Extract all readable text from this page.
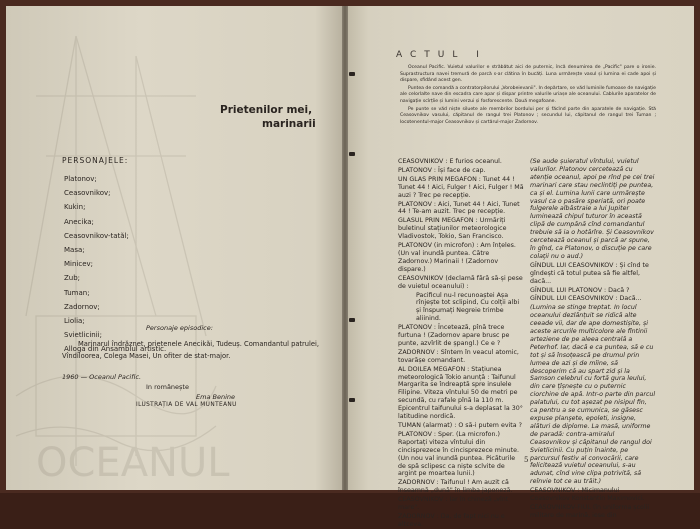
OCEANUL
Prietenilor mei,
marinarii
PERSONAJELE:
Platonov;
Ceasovnikov;
Kukin;
Anecika;
Ceasovnikov-tatăl;
Masa;
Minicev;
Zub;
Tuman;
Zadornov;
Liolia;
Svietlicinii;
Alloga din Ansamblul artistic.
Personaje episodice:
Marinarul îndrăznet, prietenele Anecikăi, Tudeuș. Comandantul patrulei, Vîndiloorea, Colega Masei, Un ofiter de stat-major.
1960 — Oceanul Pacific.
In românește
Ema Benine
ILUSTRAȚIA DE VAL MUNTEANU
ACTUL I

Oceanul Pacific. Vuietul valurilor e străbătut aici de puternic, încă denumirea de „Pacific" pare o ironie. Suprastructura navei tremură de parcă s-ar clătina în bucăți. Luna urmărește vasul și lumina ei cade apoi și dispare, sfidând acest gen.

Puntea de comandă a contratorpilorului „Vorobeievanii". In depărtare, se văd luminile fumoase de navigație ale celorlalte nave din escadra care apar și dispar printre valurile uriașe ale oceanului. Cablurile aparatelor de navigație scîrțîie și lumini verzui și fosforescente. Două megafoane.

Pe punte se văd niște siluete ale membrilor bordului per și făcînd parte din aparatele de navigație. Stă Ceasovnikov vasului, căpitanul de rangul trei Platonov ; secundul lui, căpitanul de rangul trei Tuman ; locotenentul-major Ceasovnikov și cartărul-major Zadornov.

CEASOVNIKOV : E furios oceanul.

PLATONOV : Își face de cap.

UN GLAS PRIN MEGAFON : Tunet 44 ! Tunet 44 ! Aici, Fulger ! Aici, Fulger ! Mă auzi ? Trec pe recepție.

PLATONOV : Aici, Tunet 44 ! Aici, Tunet 44 ! Te-am auzit. Trec pe recepție.

GLASUL PRIN MEGAFON : Urmăriți buletinul stațiunilor meteorologice Vladivostok, Tokio, San Francisco.

PLATONOV (in microfon) : Am înțeles. (Un val inundă puntea. Către Zadornov.) Marinaii ! (Zadornov dispare.)

CEASOVNIKOV (declamă fără să-și pese de vuietul oceanului) :

Pacificul nu-l recunoaștei Așa rînjește tot sclipind, Cu colții albi și înspumați Negreie trimbe aliinind.

PLATONOV : Încetează, pînă trece furtuna ! (Zadornov apare brusc pe punte, azvîrlit de șpangl.) Ce e ?

ZADORNOV : Sîntem în veacul atomic, tovarășe comandant.

AL DOILEA MEGAFON : Stațiunea meteorologică Tokio anunță : Taifunul Margarita se îndreaptă spre insulele Filipine. Viteza vîntului 50 de metri pe secundă, cu rafale pînă la 110 m. Epicentrul taifunului s-a deplasat la 30° latitudine nordică.

TUMAN (alarmat) : O să-i putem evita ?

PLATONOV : Sper. (La microfon.) Raportați viteza vîntului din cincisprezece în cincisprezece minute. (Un nou val inundă puntea. Picăturile de spă sclipesc ca niște sclvite de argint pe moartea lunii.)

ZADORNOV : Taifunul ! Am auzit că înseamnă „dună" în limba japoneză.

CEASOVNIKOV : Iar în chineză „vînt mare".

ZADORNOV : Da, de fapt nici nu e altceva.

(Se aude șuieratul vîntului, vuietul valurilor. Platonov cercetează cu atenție oceanul, apoi pe rînd pe cei trei marinari care stau neclintiți pe puntea, ca și el. Lumina lunii care urmărește vasul ca o pasăre speriată, ori poate fulgerele albăstraie a lui Jupiter luminează chipul tuturor în această clipă de cumpănă cînd comandantul trebuie să ia o hotărîre. Și Ceasovnikov cercetează oceanul și parcă ar spune, în gînd, ca Platonov, o discuție pe care colaţii nu o aud.)

GÎNDUL LUI CEASOVNIKOV : Și cînd te gîndești că totul putea să fie altfel, dacă...

GÎNDUL LUI PLATONOV : Dacă ?

GÎNDUL LUI CEASOVNIKOV : Dacă...

(Lumina se stinge treptat. In locul oceanului dezlănțuit se ridică alte ceeade vii, dar de ape domestișite, și aceste arcurile multicolore ale fîntinii arteziene de pe aleea centrală a Peterhof. Iar, dacă e ca puntea, să e cu tot și să însoțească pe drumul prin lumea de azi și de mîine, să descoperim că au spart zid și la Samson celebrul cu fortă gura leului, din care țîșnește cu o puternic ciorchine de apă. Intr-o parte din parcul palatului, cu tot așezat pe nisipul fin, ca pentru a se cumunica, se găsesc expuse planşete, epoleti, insigne, alături de diplome. La masă, uniforme de paradă: contra-amiralul Ceasovnikov și căpitanul de rangul doi Svietlicinii. Cu puțin înainte, pe parcursul festiv al convocării, care felicitează vuietul oceanului, s-au adunat, cînd vine clipa potrivită, să reînvie tot ce au trăit.)

CEASOVNIKOV : Micimanului Ceasovnikov Konstantin Maximovici.

CEASOVNIKOV-FIUL (în uniforma școlii militare de marină, iese din

5
